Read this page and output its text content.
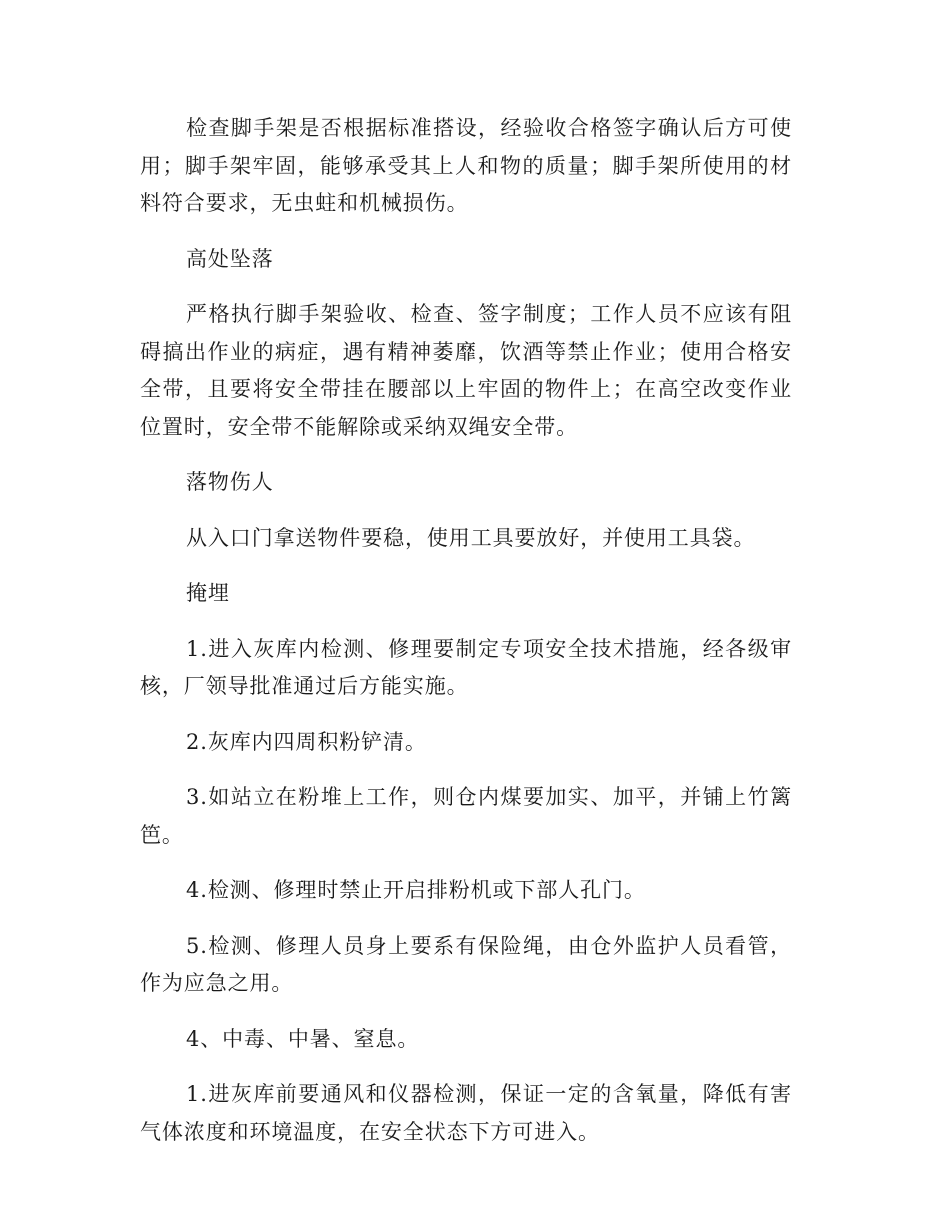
检查脚手架是否根据标准搭设，经验收合格签字确认后方可使用；脚手架牢固，能够承受其上人和物的质量；脚手架所使用的材料符合要求，无虫蛀和机械损伤。

高处坠落

严格执行脚手架验收、检查、签字制度；工作人员不应该有阻碍搞出作业的病症，遇有精神萎靡，饮酒等禁止作业；使用合格安全带，且要将安全带挂在腰部以上牢固的物件上；在高空改变作业位置时，安全带不能解除或采纳双绳安全带。

落物伤人

从入口门拿送物件要稳，使用工具要放好，并使用工具袋。

掩埋

1.进入灰库内检测、修理要制定专项安全技术措施，经各级审核，厂领导批准通过后方能实施。

2.灰库内四周积粉铲清。

3.如站立在粉堆上工作，则仓内煤要加实、加平，并铺上竹篱笆。

4.检测、修理时禁止开启排粉机或下部人孔门。

5.检测、修理人员身上要系有保险绳，由仓外监护人员看管，作为应急之用。

4、中毒、中暑、窒息。

1.进灰库前要通风和仪器检测，保证一定的含氧量，降低有害气体浓度和环境温度，在安全状态下方可进入。
